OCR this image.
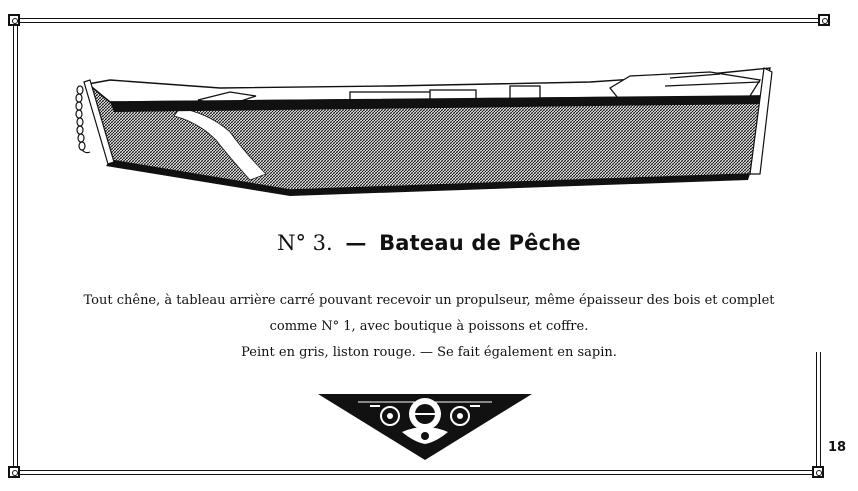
N° 3. — Bateau de Pêche
Tout chêne, à tableau arrière carré pouvant recevoir un propulseur, même épaisseur des bois et complet
comme N° 1, avec boutique à poissons et coffre.
Peint en gris, liston rouge. — Se fait également en sapin.
18
